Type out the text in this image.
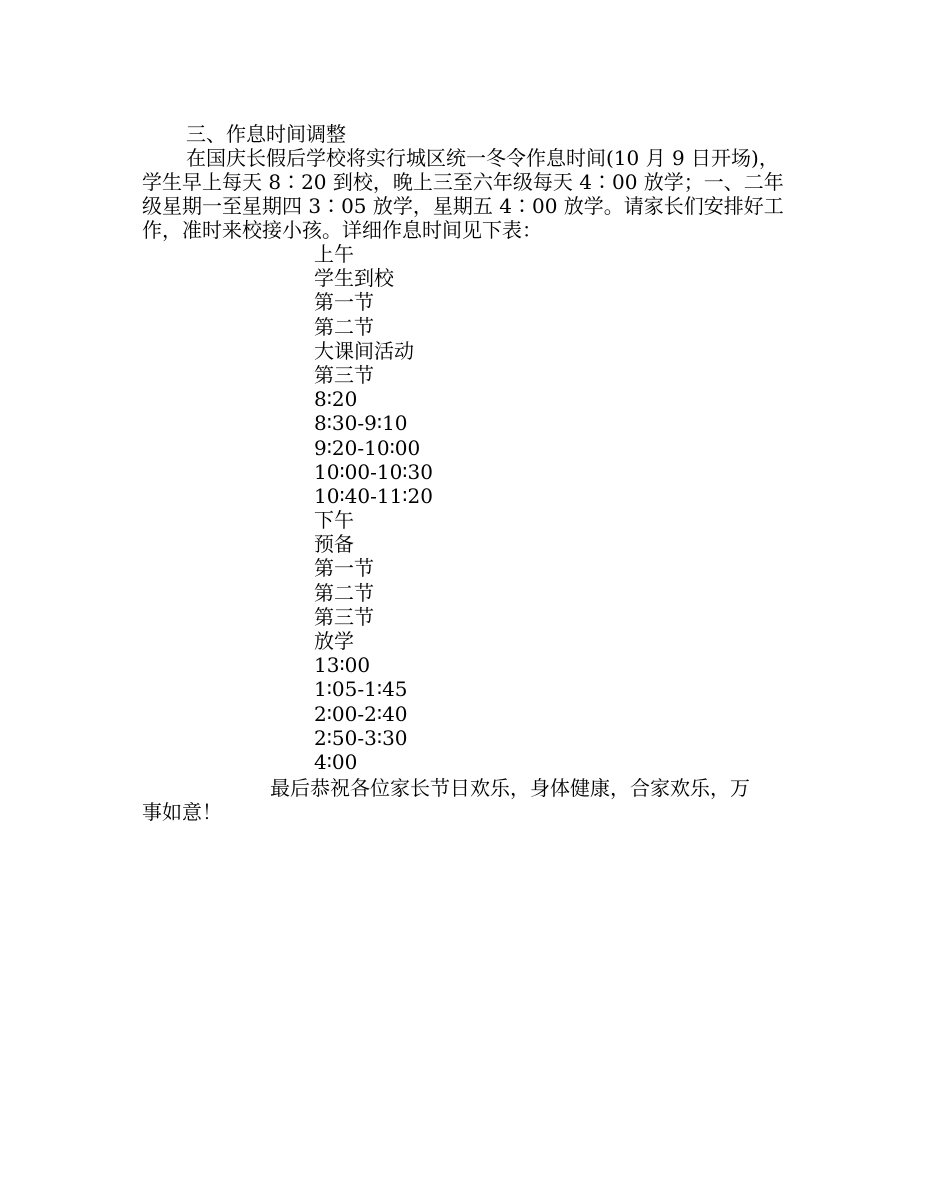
三、作息时间调整
在国庆长假后学校将实行城区统一冬令作息时间(10 月 9 日开场)，
学生早上每天 8∶20 到校，晚上三至六年级每天 4∶00 放学；一、二年
级星期一至星期四 3∶05 放学，星期五 4∶00 放学。请家长们安排好工
作，准时来校接小孩。详细作息时间见下表：
上午
学生到校
第一节
第二节
大课间活动
第三节
8∶20
8∶30-9∶10
9∶20-10∶00
10∶00-10∶30
10∶40-11∶20
下午
预备
第一节
第二节
第三节
放学
13∶00
1∶05-1∶45
2∶00-2∶40
2∶50-3∶30
4∶00
最后恭祝各位家长节日欢乐，身体健康，合家欢乐，万
事如意！
